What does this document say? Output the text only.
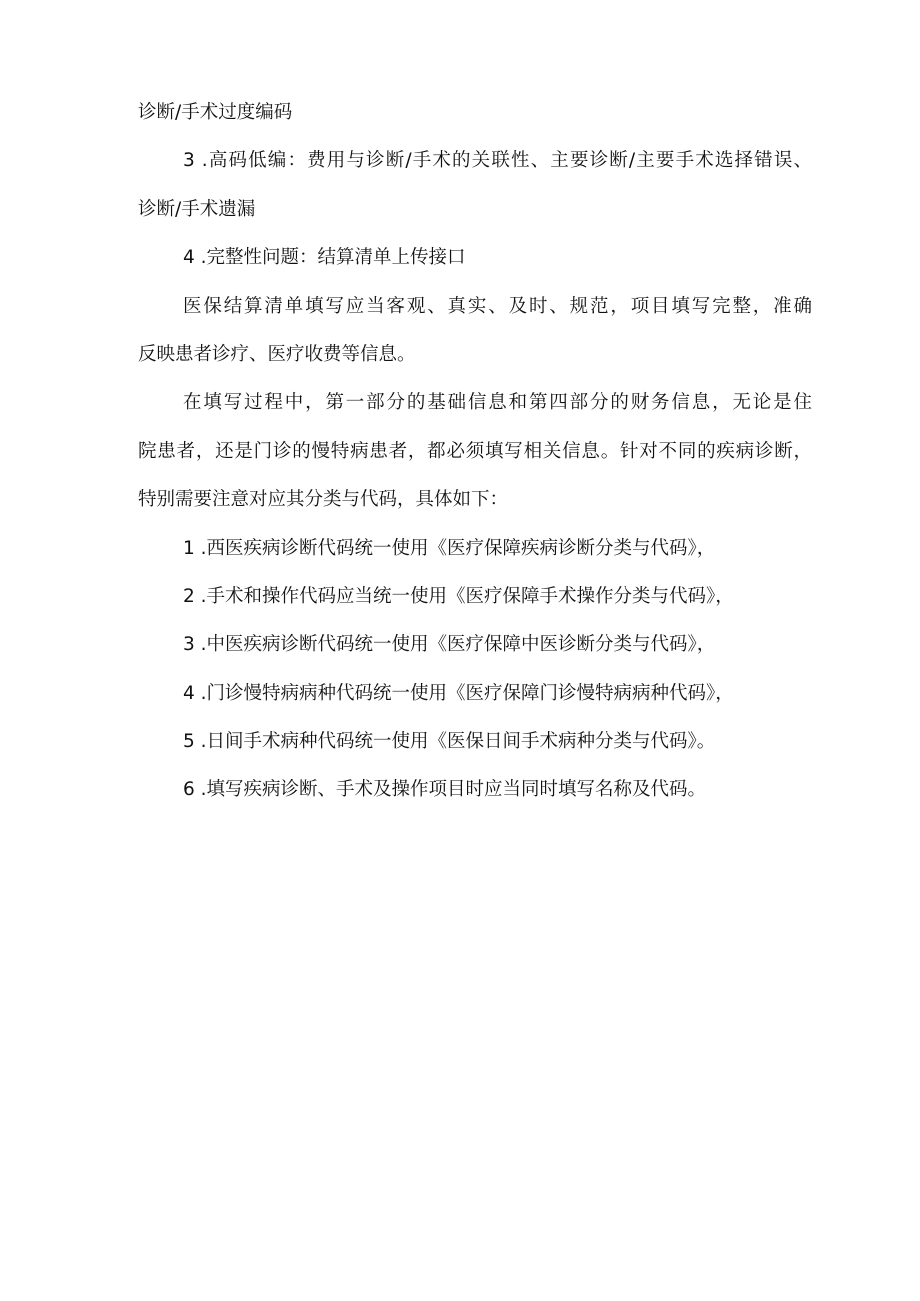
诊断/手术过度编码
3 .高码低编：费用与诊断/手术的关联性、主要诊断/主要手术选择错误、
诊断/手术遗漏
4 .完整性问题：结算清单上传接口
医保结算清单填写应当客观、真实、及时、规范，项目填写完整，准确
反映患者诊疗、医疗收费等信息。
在填写过程中，第一部分的基础信息和第四部分的财务信息，无论是住
院患者，还是门诊的慢特病患者，都必须填写相关信息。针对不同的疾病诊断，
特别需要注意对应其分类与代码，具体如下：
1 .西医疾病诊断代码统一使用《医疗保障疾病诊断分类与代码》，
2 .手术和操作代码应当统一使用《医疗保障手术操作分类与代码》，
3 .中医疾病诊断代码统一使用《医疗保障中医诊断分类与代码》，
4 .门诊慢特病病种代码统一使用《医疗保障门诊慢特病病种代码》，
5 .日间手术病种代码统一使用《医保日间手术病种分类与代码》。
6 .填写疾病诊断、手术及操作项目时应当同时填写名称及代码。
